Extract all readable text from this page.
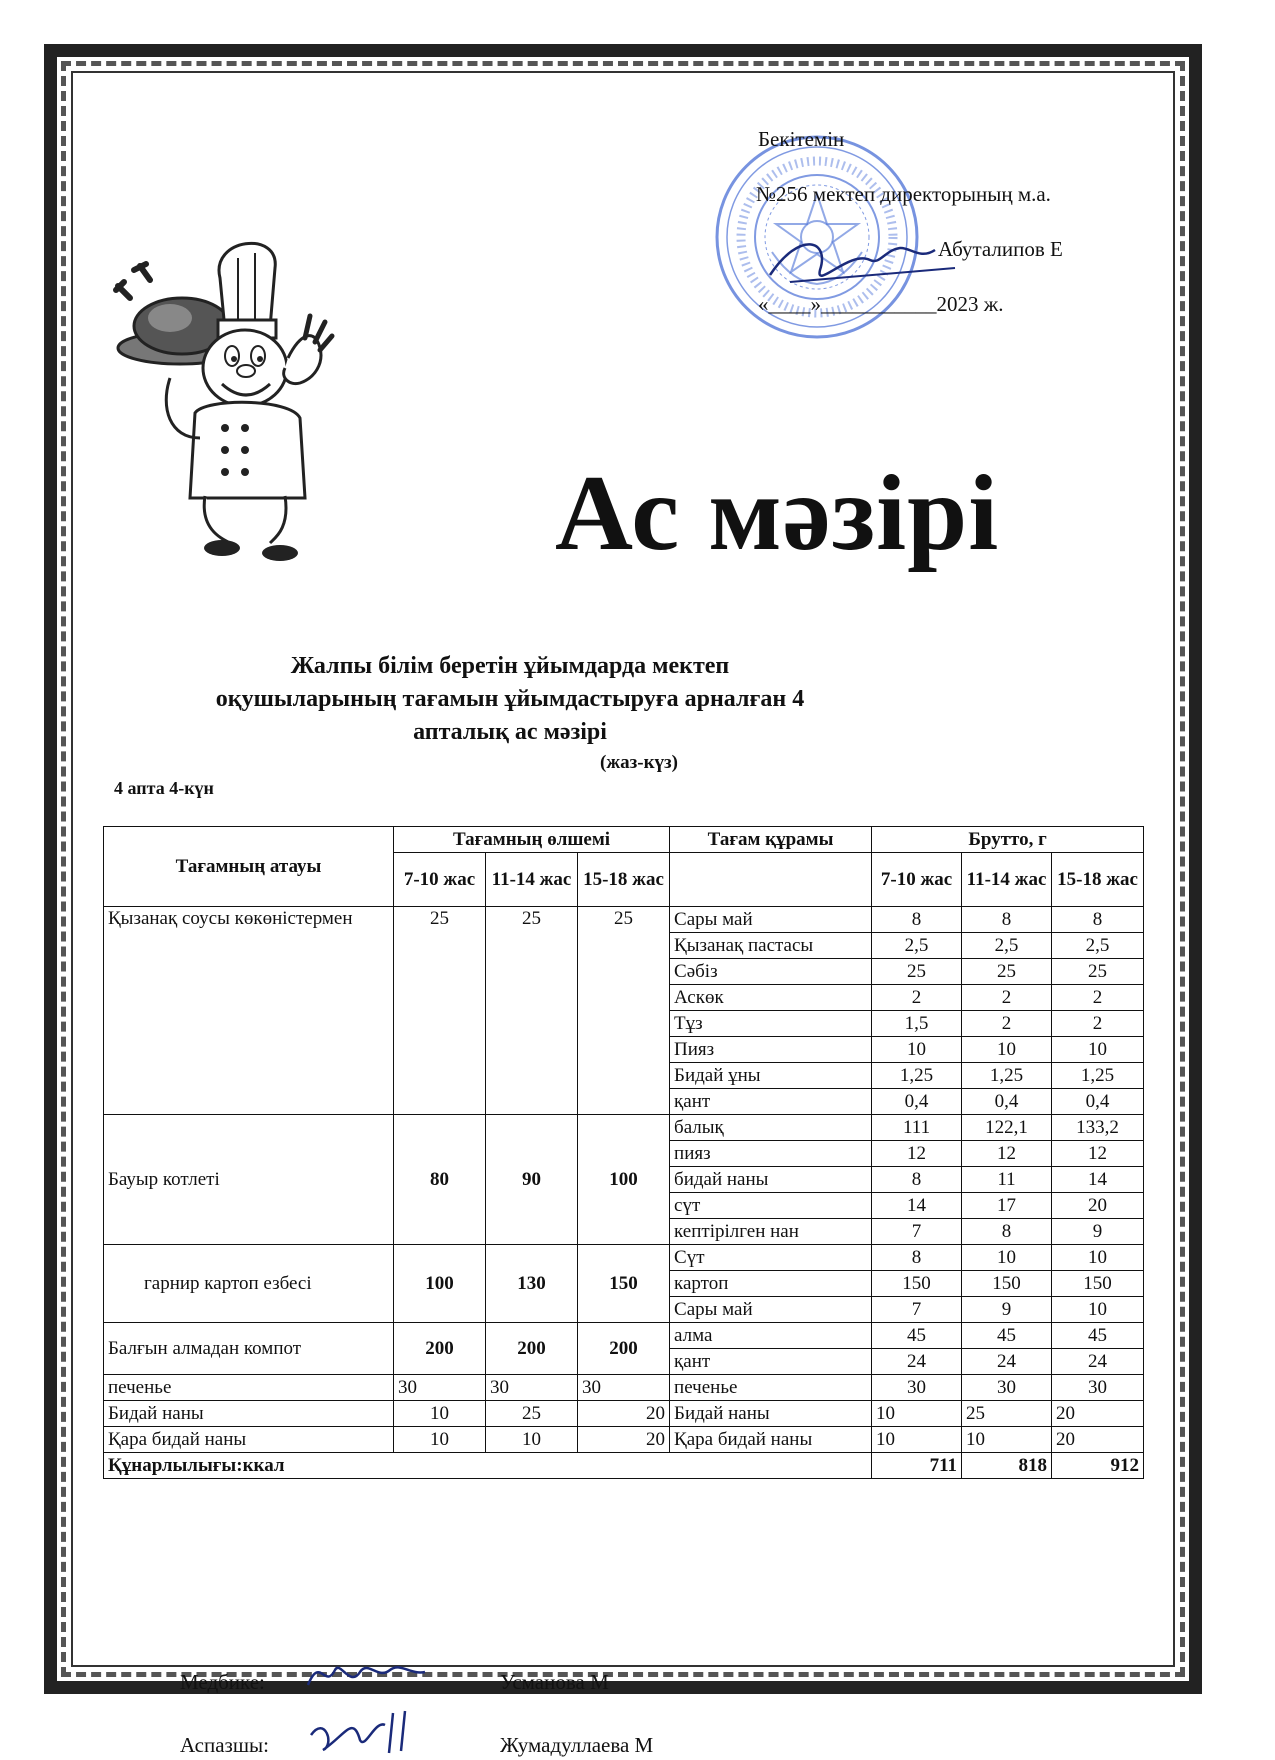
Бекітемін
№256 мектеп директорының м.а.
Абуталипов Е
«____»___________2023 ж.
Ас мәзірі
Жалпы білім беретін ұйымдарда мектеп
оқушыларының тағамын ұйымдастыруға арналған 4
апталық ас мәзірі
(жаз-күз)
4 апта 4-күн
Тағамның атауы	Тағамның өлшемі			Тағам құрамы	Брутто, г		
	7-10 жас	11-14 жас	15-18 жас		7-10 жас	11-14 жас	15-18 жас
Қызанақ соусы көкөністермен	25	25	25	Сары май	8	8	8
				Қызанақ пастасы	2,5	2,5	2,5
				Сәбіз	25	25	25
				Аскөк	2	2	2
				Тұз	1,5	2	2
				Пияз	10	10	10
				Бидай ұны	1,25	1,25	1,25
				қант	0,4	0,4	0,4
Бауыр котлеті	80	90	100	балық	111	122,1	133,2
				пияз	12	12	12
				бидай наны	8	11	14
				сүт	14	17	20
				кептірілген нан	7	8	9
гарнир картоп езбесі	100	130	150	Сүт	8	10	10
				картоп	150	150	150
				Сары май	7	9	10
Балғын алмадан компот	200	200	200	алма	45	45	45
				қант	24	24	24
печенье	30	30	30	печенье	30	30	30
Бидай наны	10	25	20	Бидай наны	10	25	20
Қара бидай наны	10	10	20	Қара бидай наны	10	10	20
Құнарлылығы:ккал					711	818	912
Медбике:	Усманова М
Аспазшы:	Жумадуллаева М
